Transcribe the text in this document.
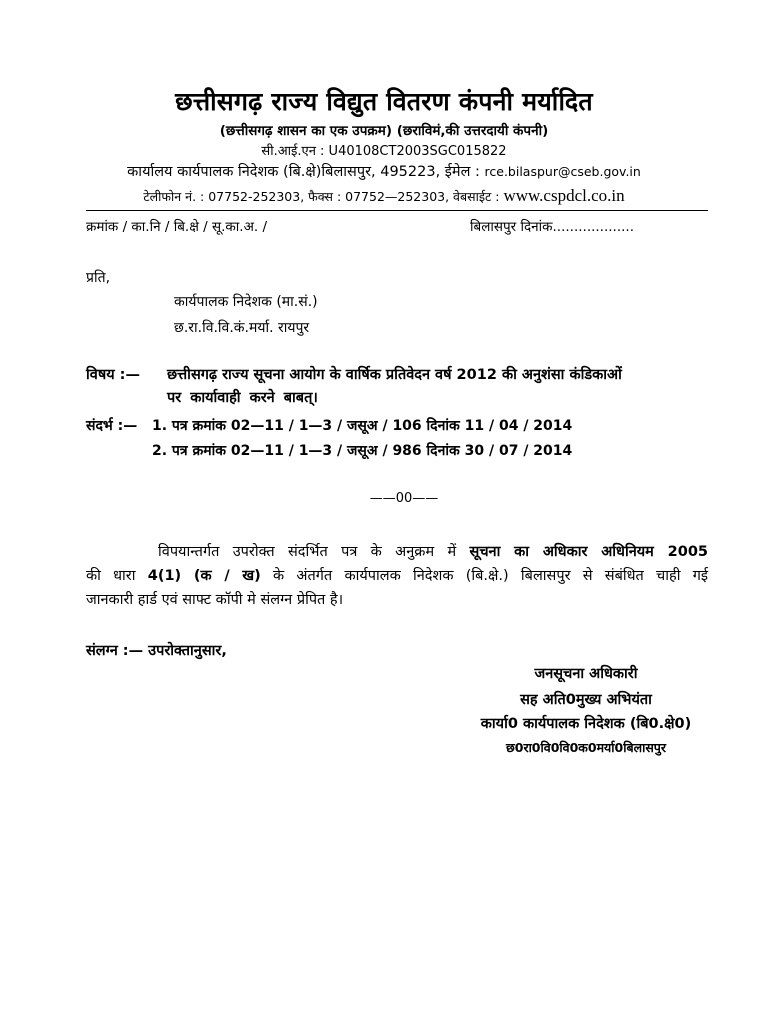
छत्तीसगढ़ राज्य विद्युत वितरण कंपनी मर्यादित
(छत्तीसगढ़ शासन का एक उपक्रम) (छराविमं,की उत्तरदायी कंपनी)
सी.आई.एन : U40108CT2003SGC015822
कार्यालय कार्यपालक निदेशक (बि.क्षे)बिलासपुर, 495223, ईमेल : rce.bilaspur@cseb.gov.in
टेलीफोन नं. : 07752-252303, फैक्स : 07752—252303, वेबसाईट : www.cspdcl.co.in
क्रमांक / का.नि / बि.क्षे / सू.का.अ. /	बिलासपुर दिनांक...................
प्रति,
कार्यपालक निदेशक (मा.सं.)
छ.रा.वि.वि.कं.मर्या. रायपुर
विषय :— छत्तीसगढ़ राज्य सूचना आयोग के वार्षिक प्रतिवेदन वर्ष 2012 की अनुशंसा कंडिकाओं
पर कार्यावाही करने बाबत्।
संदर्भ :— 1. पत्र क्रमांक 02—11 / 1—3 / जसूअ / 106 दिनांक 11 / 04 / 2014
2. पत्र क्रमांक 02—11 / 1—3 / जसूअ / 986 दिनांक 30 / 07 / 2014
——00——
विपयान्तर्गत उपरोक्त संदर्भित पत्र के अनुक्रम में सूचना का अधिकार अधिनियम 2005
की धारा 4(1) (क / ख) के अंतर्गत कार्यपालक निदेशक (बि.क्षे.) बिलासपुर से संबंधित चाही गई
जानकारी हार्ड एवं साफ्ट कॉपी मे संलग्न प्रेपित है।
संलग्न :— उपरोक्तानुसार,
जनसूचना अधिकारी
सह अति0मुख्य अभियंता
कार्या0 कार्यपालक निदेशक (बि0.क्षे0)
छ0रा0वि0वि0क0मर्या0बिलासपुर
